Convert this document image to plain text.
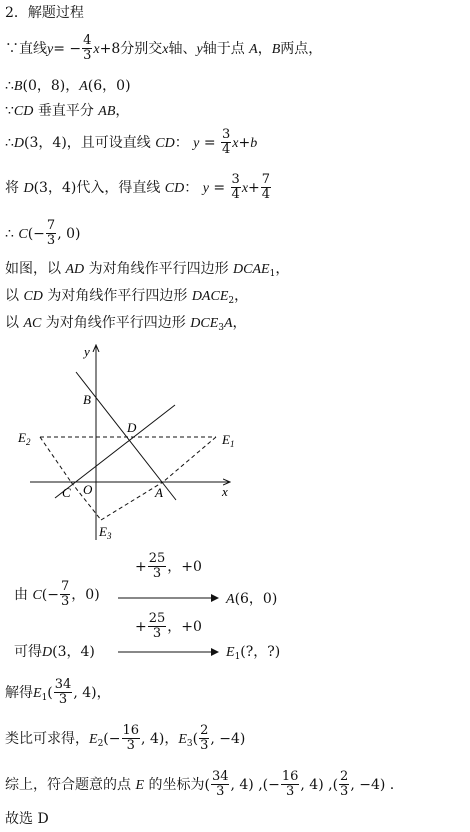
2．解题过程
∵直线$y= - \frac{4}{3} x+8$分别交x轴、y轴于点 A，B两点，
∴B(0，8)，A(6，0)
∵CD 垂直平分 AB，
∴D(3，4)，且可设直线 CD： $y = \frac{3}{4} x+b$
将 D(3，4)代入，得直线 CD： $y = \frac{3}{4} x+ \frac{7}{4}$
∴ $C(- \frac{7}{3}$ , 0)
如图，以 AD 为对角线作平行四边形 $DCAE_1$，
以 CD 为对角线作平行四边形 $DACE_2$，
以 AC 为对角线作平行四边形 $DCE_3A$，
y
x
B
D
$E_2$	$E_1$
C O	A
$E_3$
+ $\frac{25}{3}$ ，+0
由 $C(- \frac{7}{3}$ ，0)	A(6，0)
+ $\frac{25}{3}$ ，+0
可得D(3，4)	$E_1$(?，?)
解得$E_1( \frac{34}{3}$ , 4)，
类比可求得，$E_2(- \frac{16}{3}$ , 4)，$E_3( \frac{2}{3}$ , −4)
综上，符合题意的点 E 的坐标为( $\frac{34}{3}$ , 4) ,(− $\frac{16}{3}$ , 4) ,( $\frac{2}{3}$ , −4) .
故选 D
